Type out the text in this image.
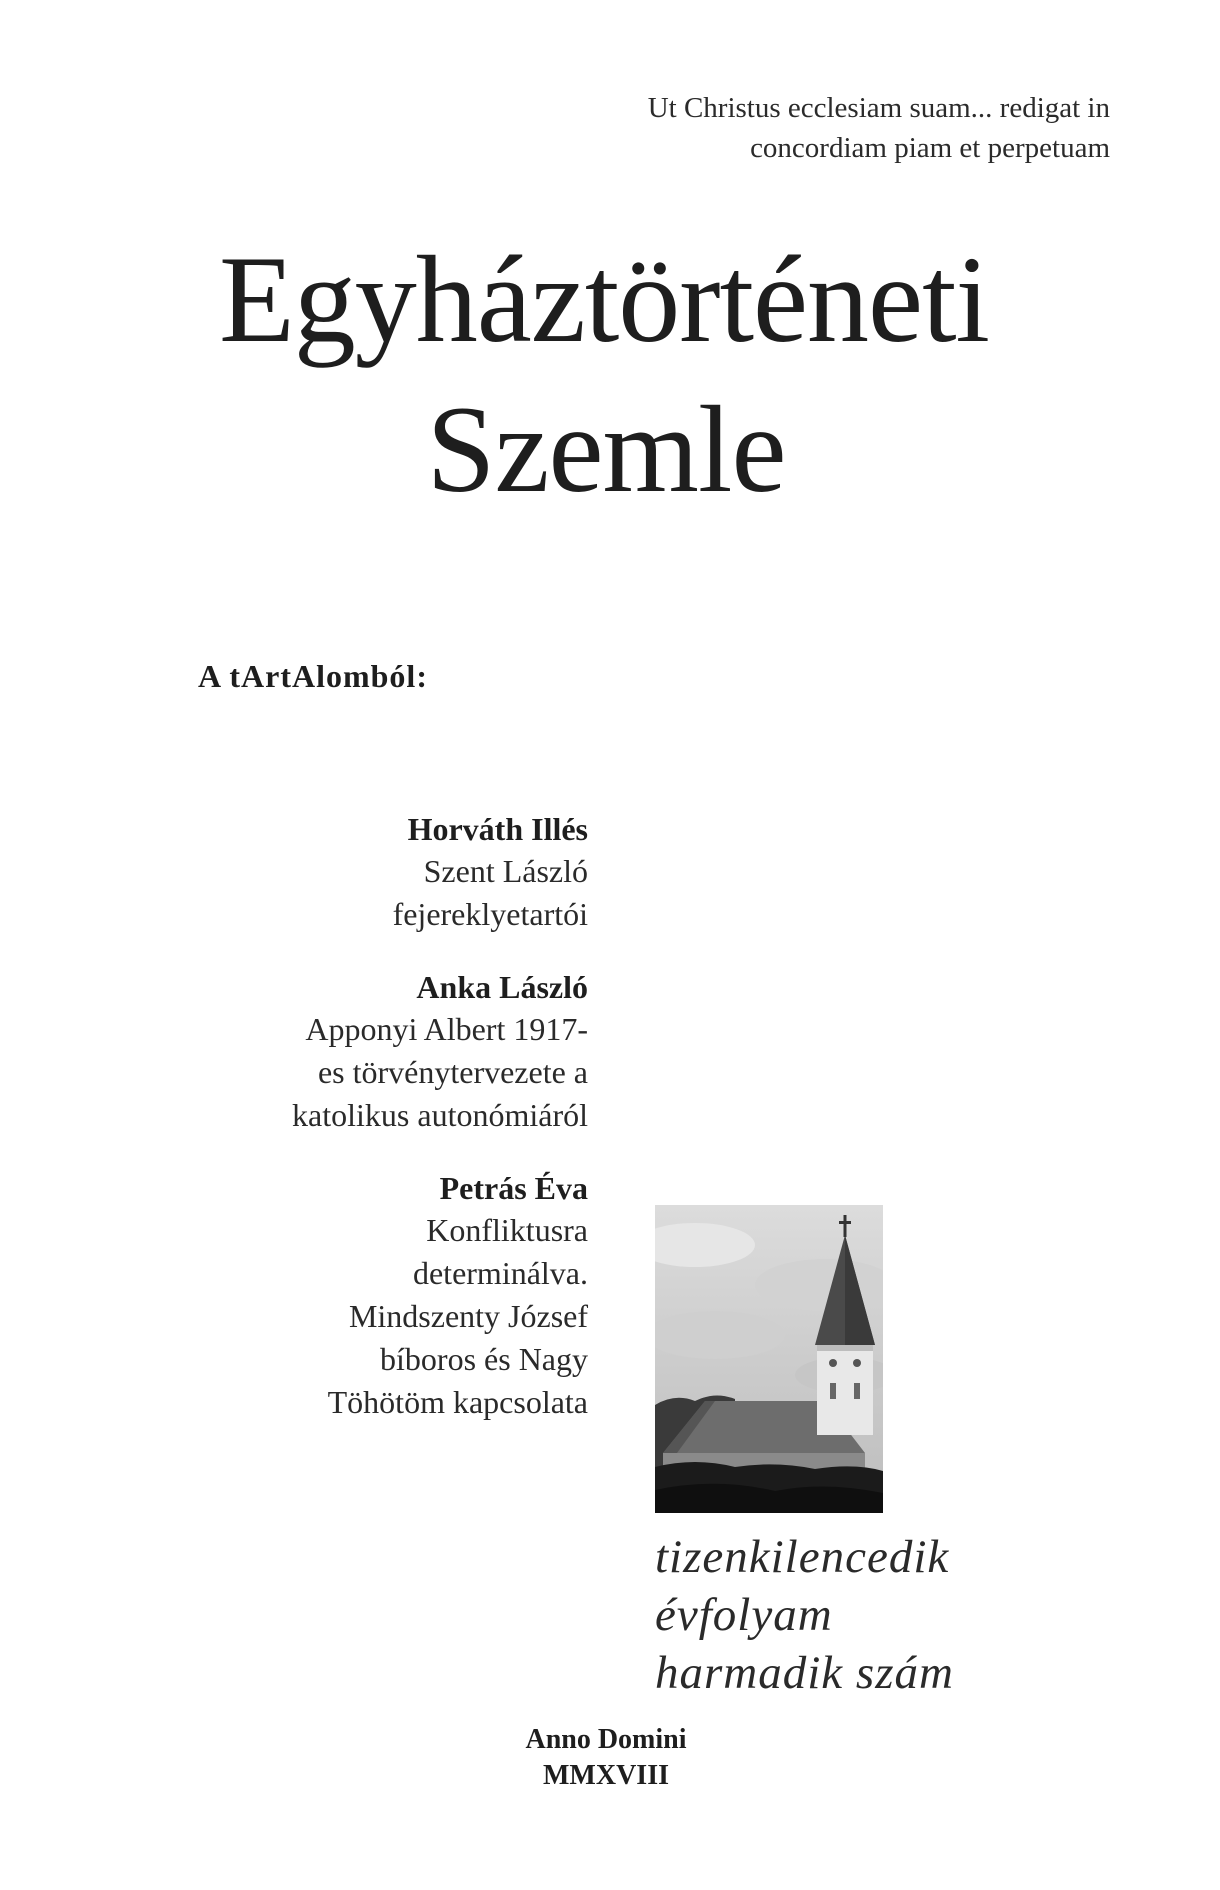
Ut Christus ecclesiam suam... redigat in
concordiam piam et perpetuam
Egyháztörténeti
Szemle
A tArtAlomból:
Horváth Illés
Szent László
fejereklyetartói
Anka László
Apponyi Albert 1917-
es törvénytervezete a
katolikus autonómiáról
Petrás Éva
Konfliktusra
determinálva.
Mindszenty József
bíboros és Nagy
Töhötöm kapcsolata
tizenkilencedik
évfolyam
harmadik szám
Anno Domini
MMXVIII
